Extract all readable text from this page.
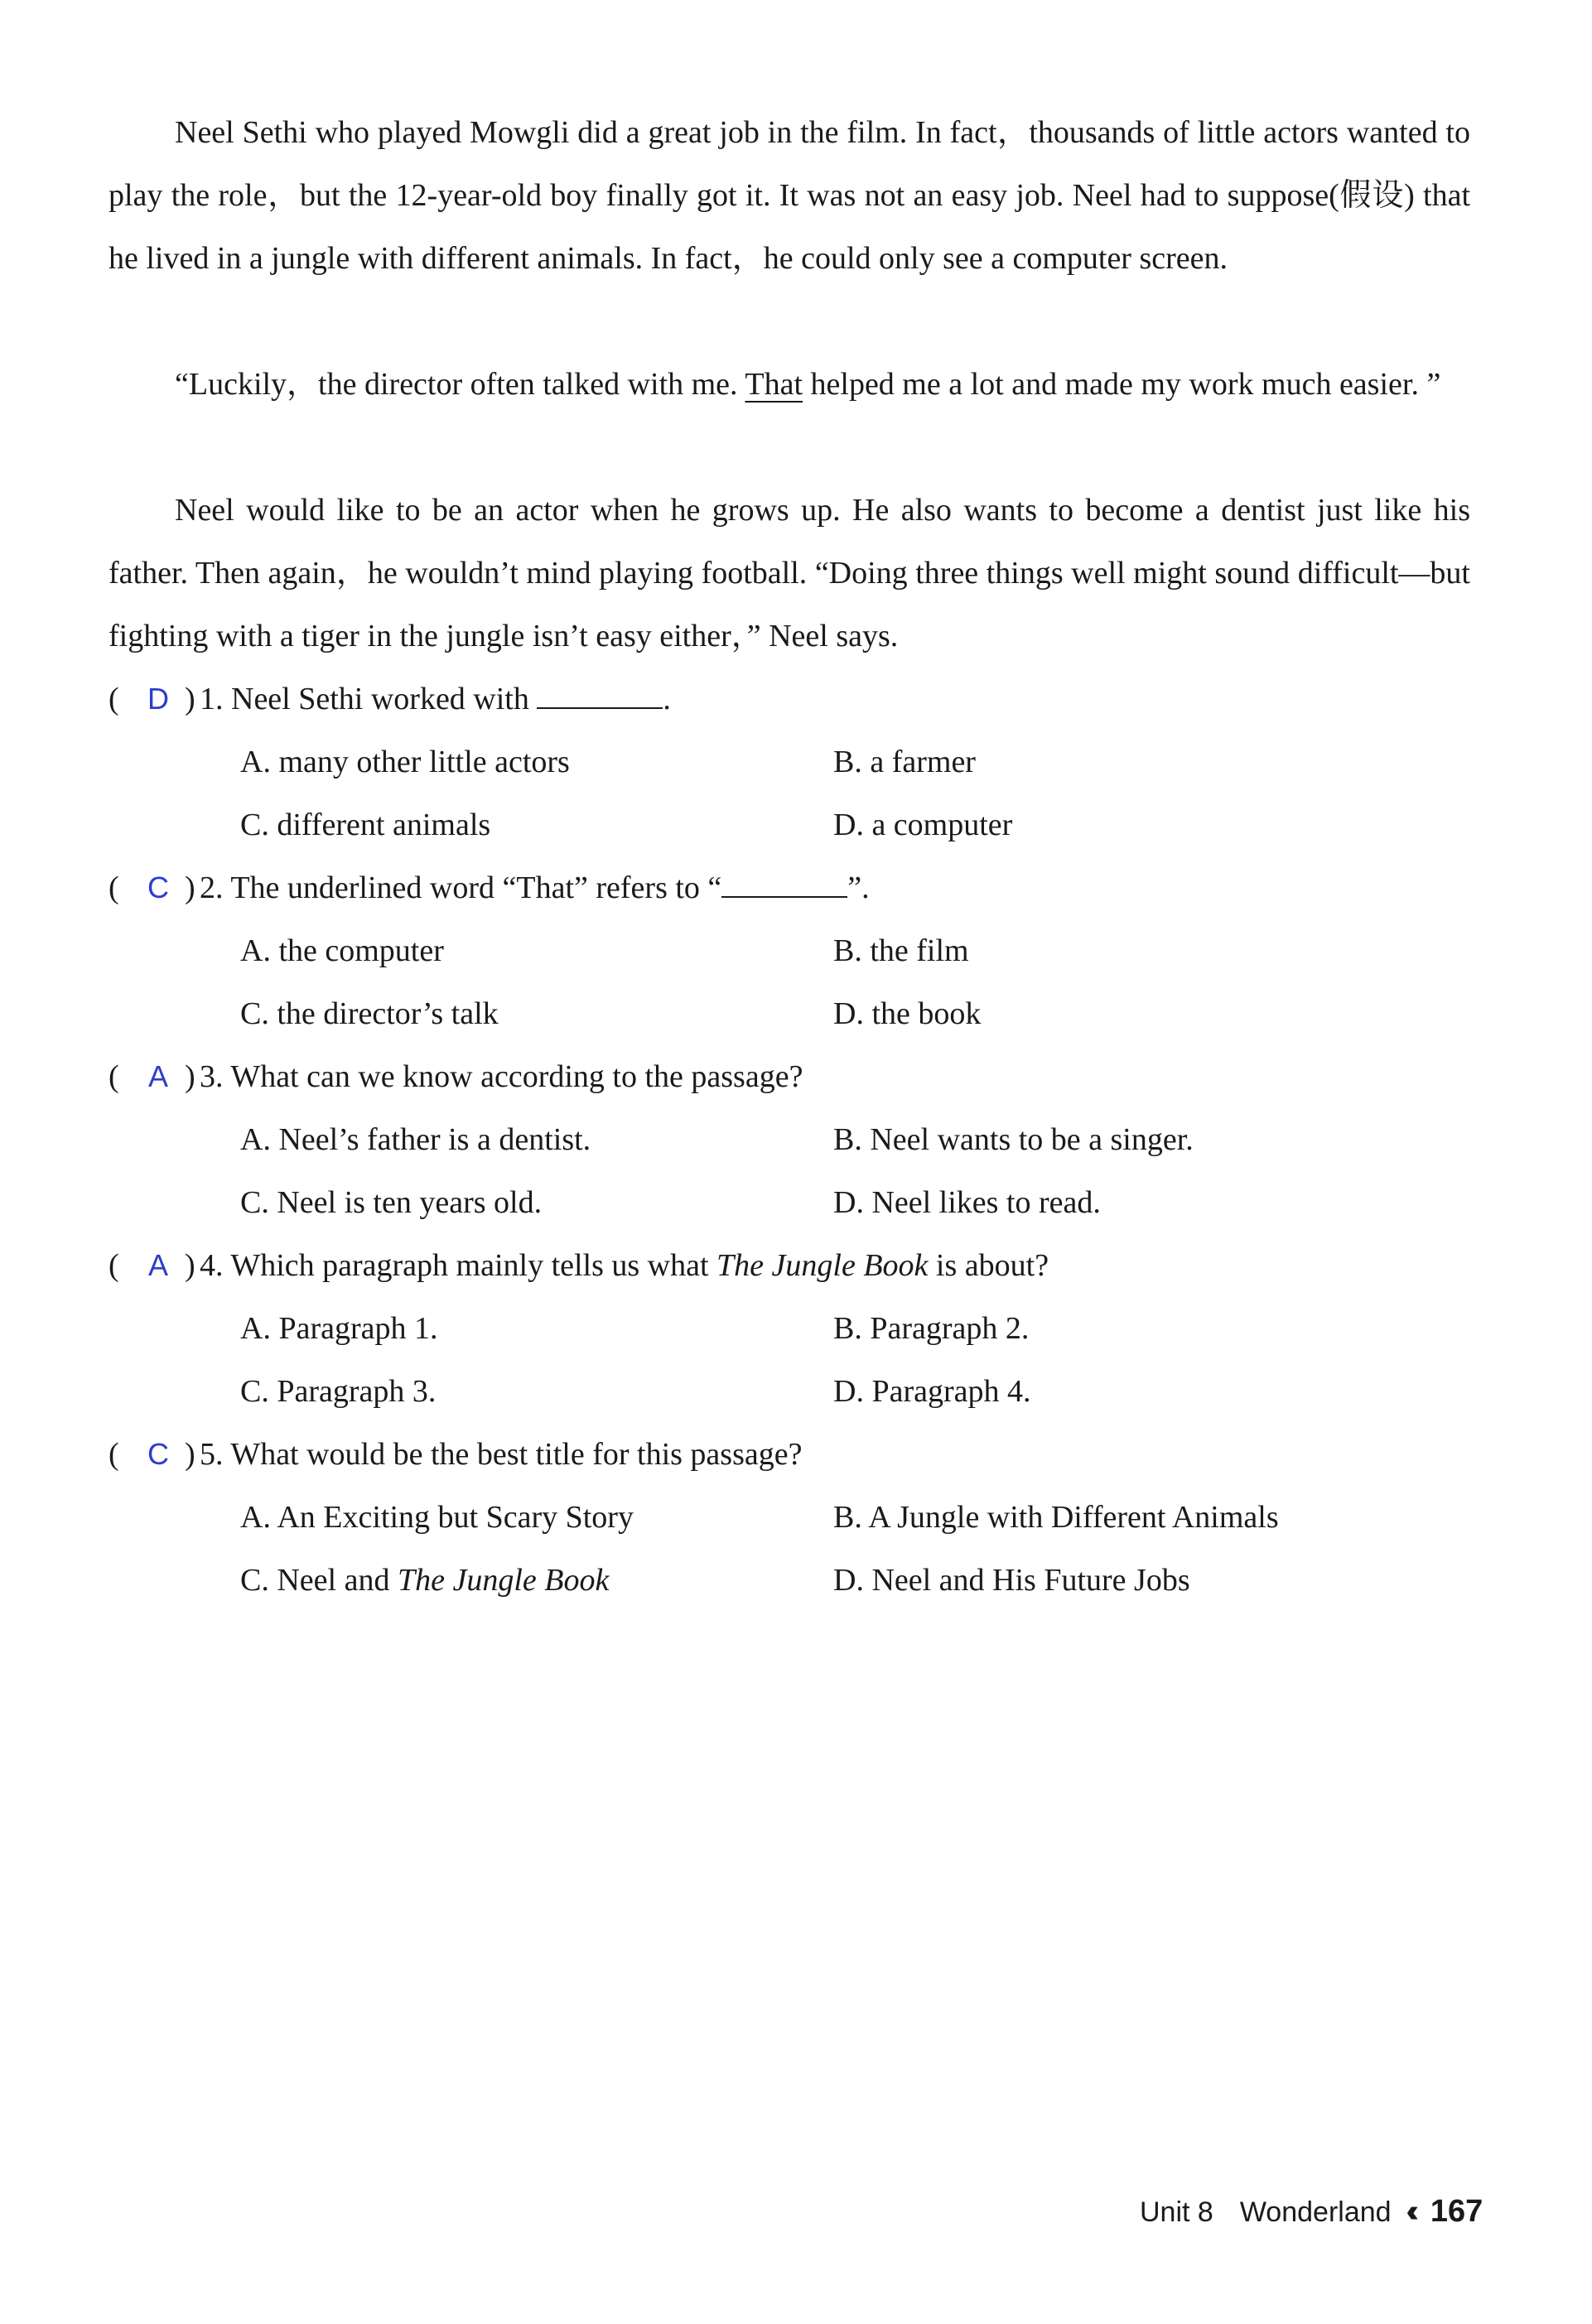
Neel Sethi who played Mowgli did a great job in the film. In fact，thousands of little actors wanted to play the role，but the 12-year-old boy finally got it. It was not an easy job. Neel had to suppose(假设) that he lived in a jungle with different animals. In fact，he could only see a computer screen.

“Luckily，the director often talked with me. That helped me a lot and made my work much easier. ”

Neel would like to be an actor when he grows up. He also wants to become a dentist just like his father. Then again，he wouldn’t mind playing football. “Doing three things well might sound difficult—but fighting with a tiger in the jungle isn’t easy either，” Neel says.

( D ) 1. Neel Sethi worked with	.
A. many other little actors	B. a farmer
C. different animals	D. a computer
( C ) 2. The underlined word “That” refers to “	”.
A. the computer	B. the film
C. the director’s talk	D. the book
( A ) 3. What can we know according to the passage?
A. Neel’s father is a dentist.	B. Neel wants to be a singer.
C. Neel is ten years old.	D. Neel likes to read.
( A ) 4. Which paragraph mainly tells us what The Jungle Book is about?
A. Paragraph 1.	B. Paragraph 2.
C. Paragraph 3.	D. Paragraph 4.
( C ) 5. What would be the best title for this passage?
A. An Exciting but Scary Story	B. A Jungle with Different Animals
C. Neel and The Jungle Book	D. Neel and His Future Jobs
Unit 8 Wonderland ‹‹ 167
